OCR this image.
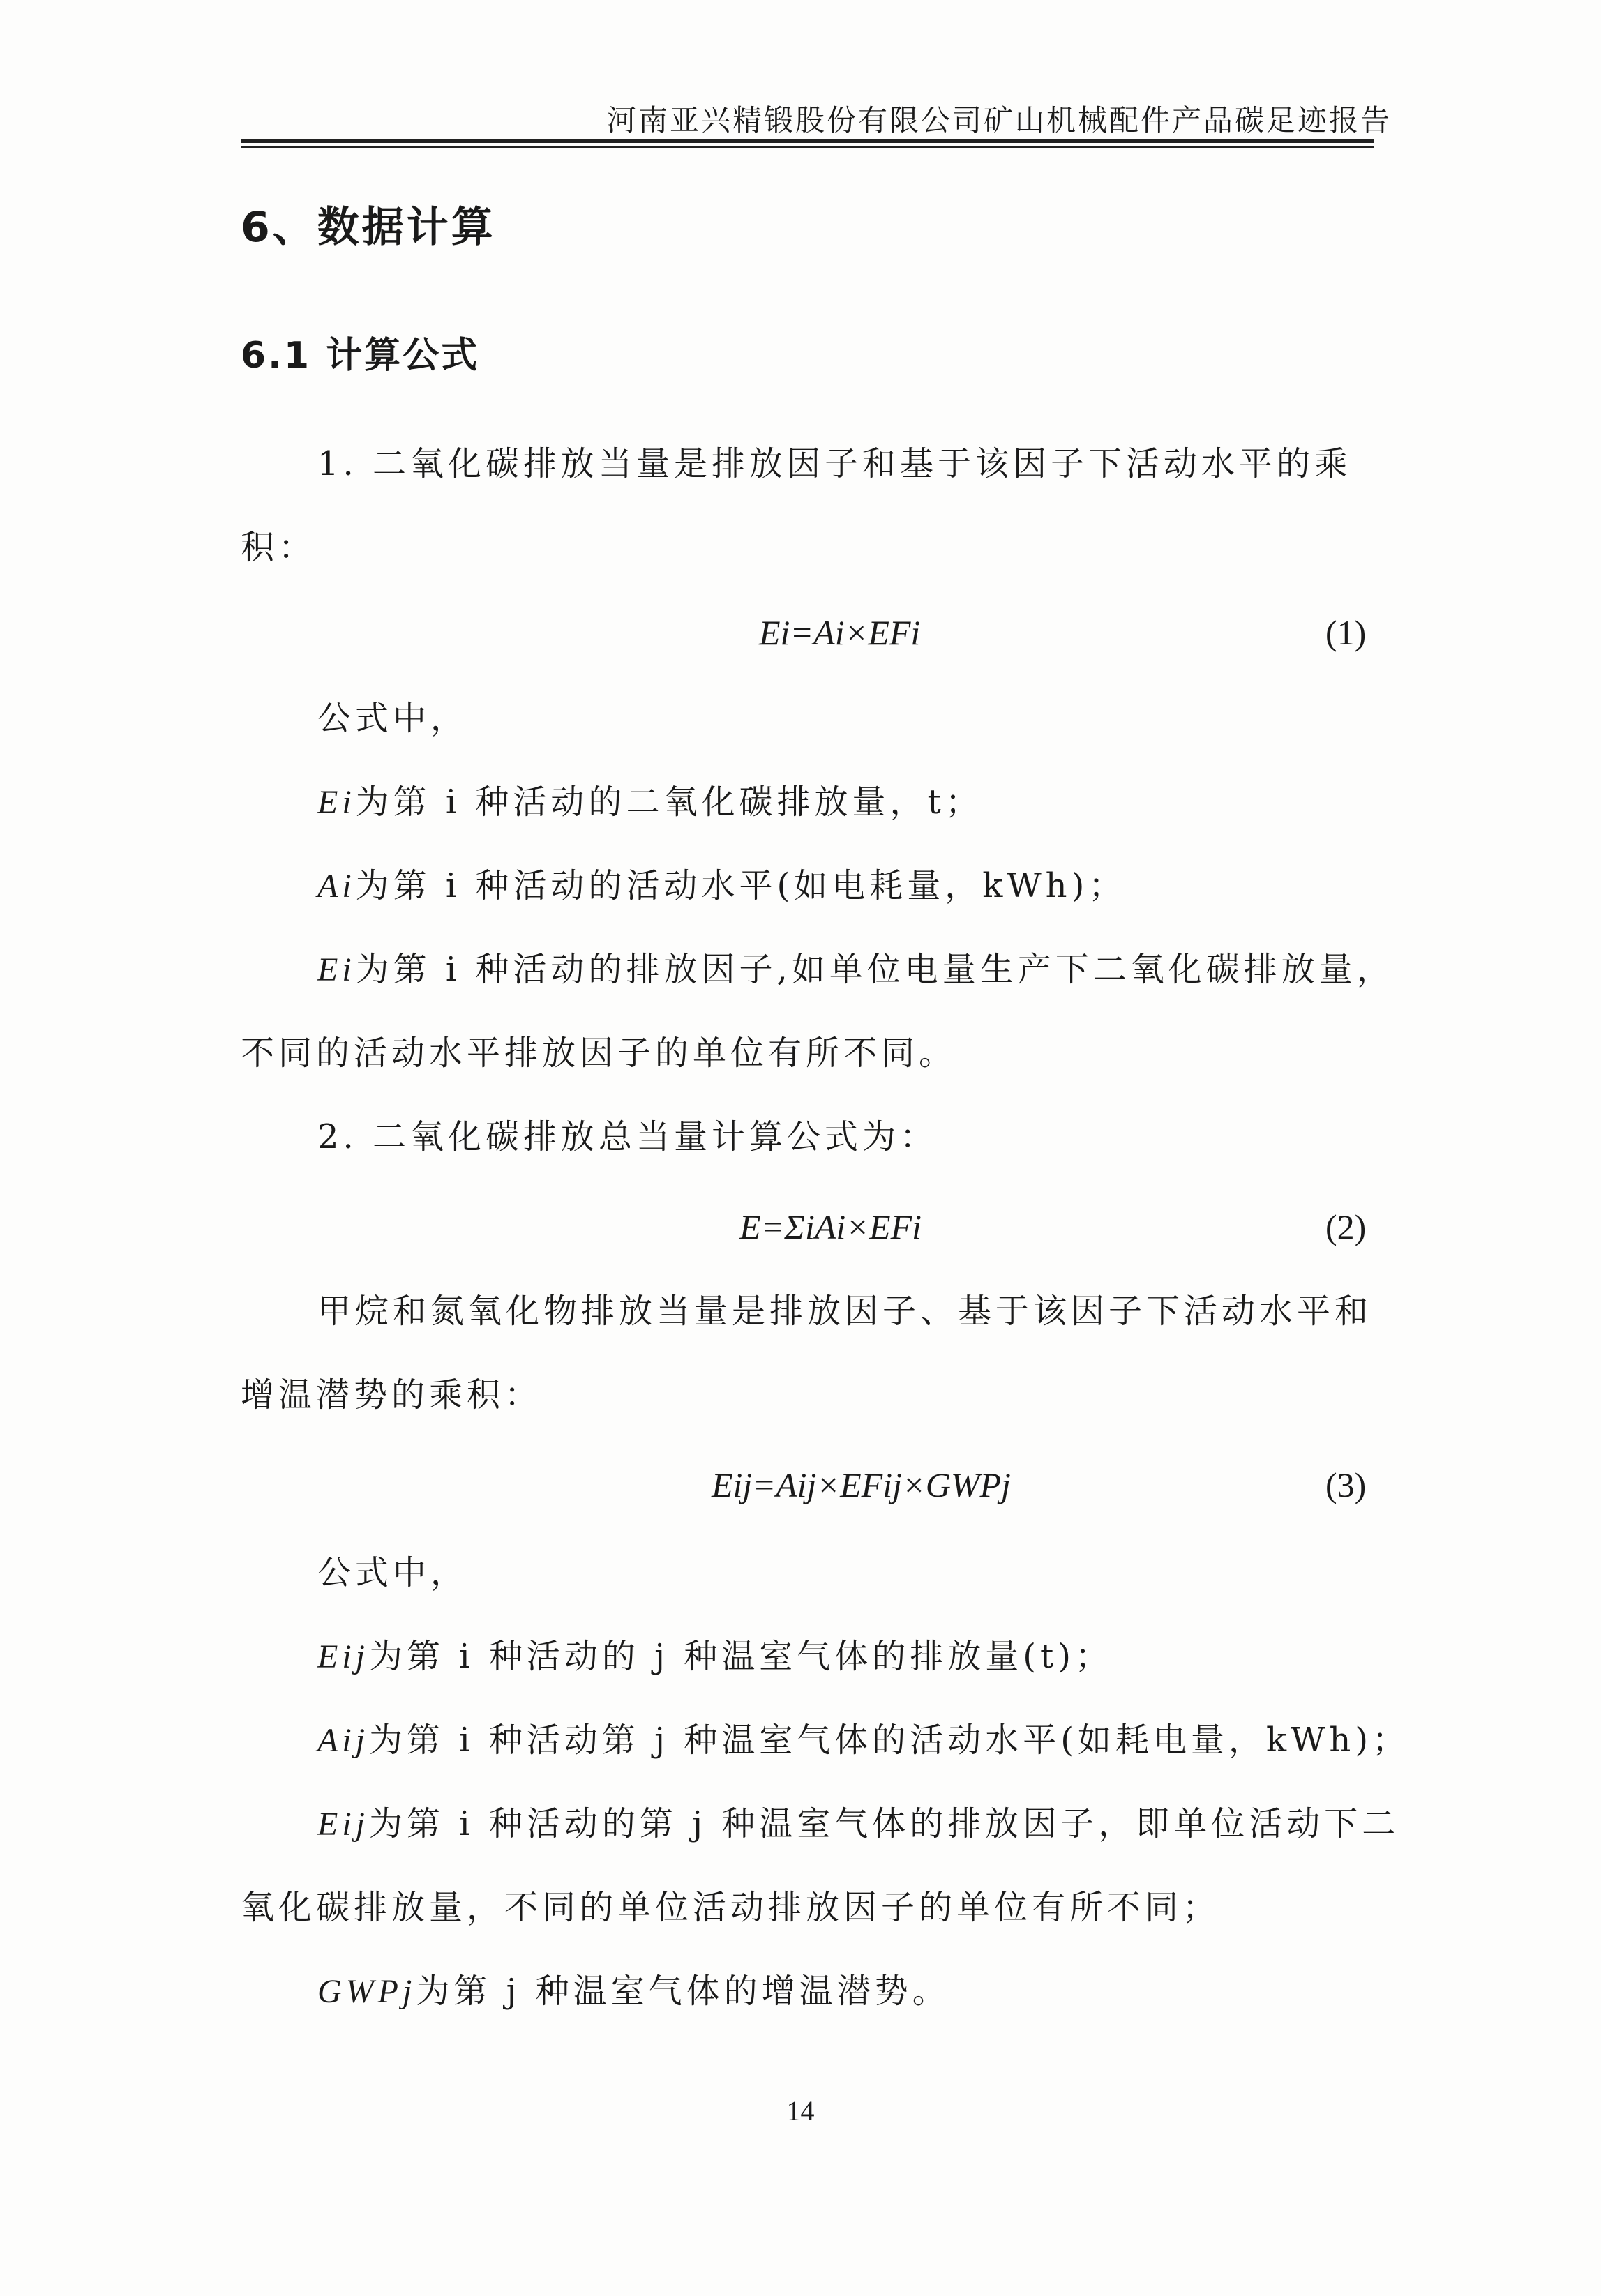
河南亚兴精锻股份有限公司矿山机械配件产品碳足迹报告
6、数据计算
6.1 计算公式
1. 二氧化碳排放当量是排放因子和基于该因子下活动水平的乘
积：
Ei=Ai×EFi	(1)
公式中，
Ei为第 i 种活动的二氧化碳排放量，t；
Ai为第 i 种活动的活动水平(如电耗量，kWh)；
Ei为第 i 种活动的排放因子,如单位电量生产下二氧化碳排放量，
不同的活动水平排放因子的单位有所不同。
2. 二氧化碳排放总当量计算公式为：
E=ΣiAi×EFi	(2)
甲烷和氮氧化物排放当量是排放因子、基于该因子下活动水平和
增温潜势的乘积：
Eij=Aij×EFij×GWPj	(3)
公式中，
Eij为第 i 种活动的 j 种温室气体的排放量(t)；
Aij为第 i 种活动第 j 种温室气体的活动水平(如耗电量，kWh)；
Eij为第 i 种活动的第 j 种温室气体的排放因子，即单位活动下二
氧化碳排放量，不同的单位活动排放因子的单位有所不同；
GWPj为第 j 种温室气体的增温潜势。
14
